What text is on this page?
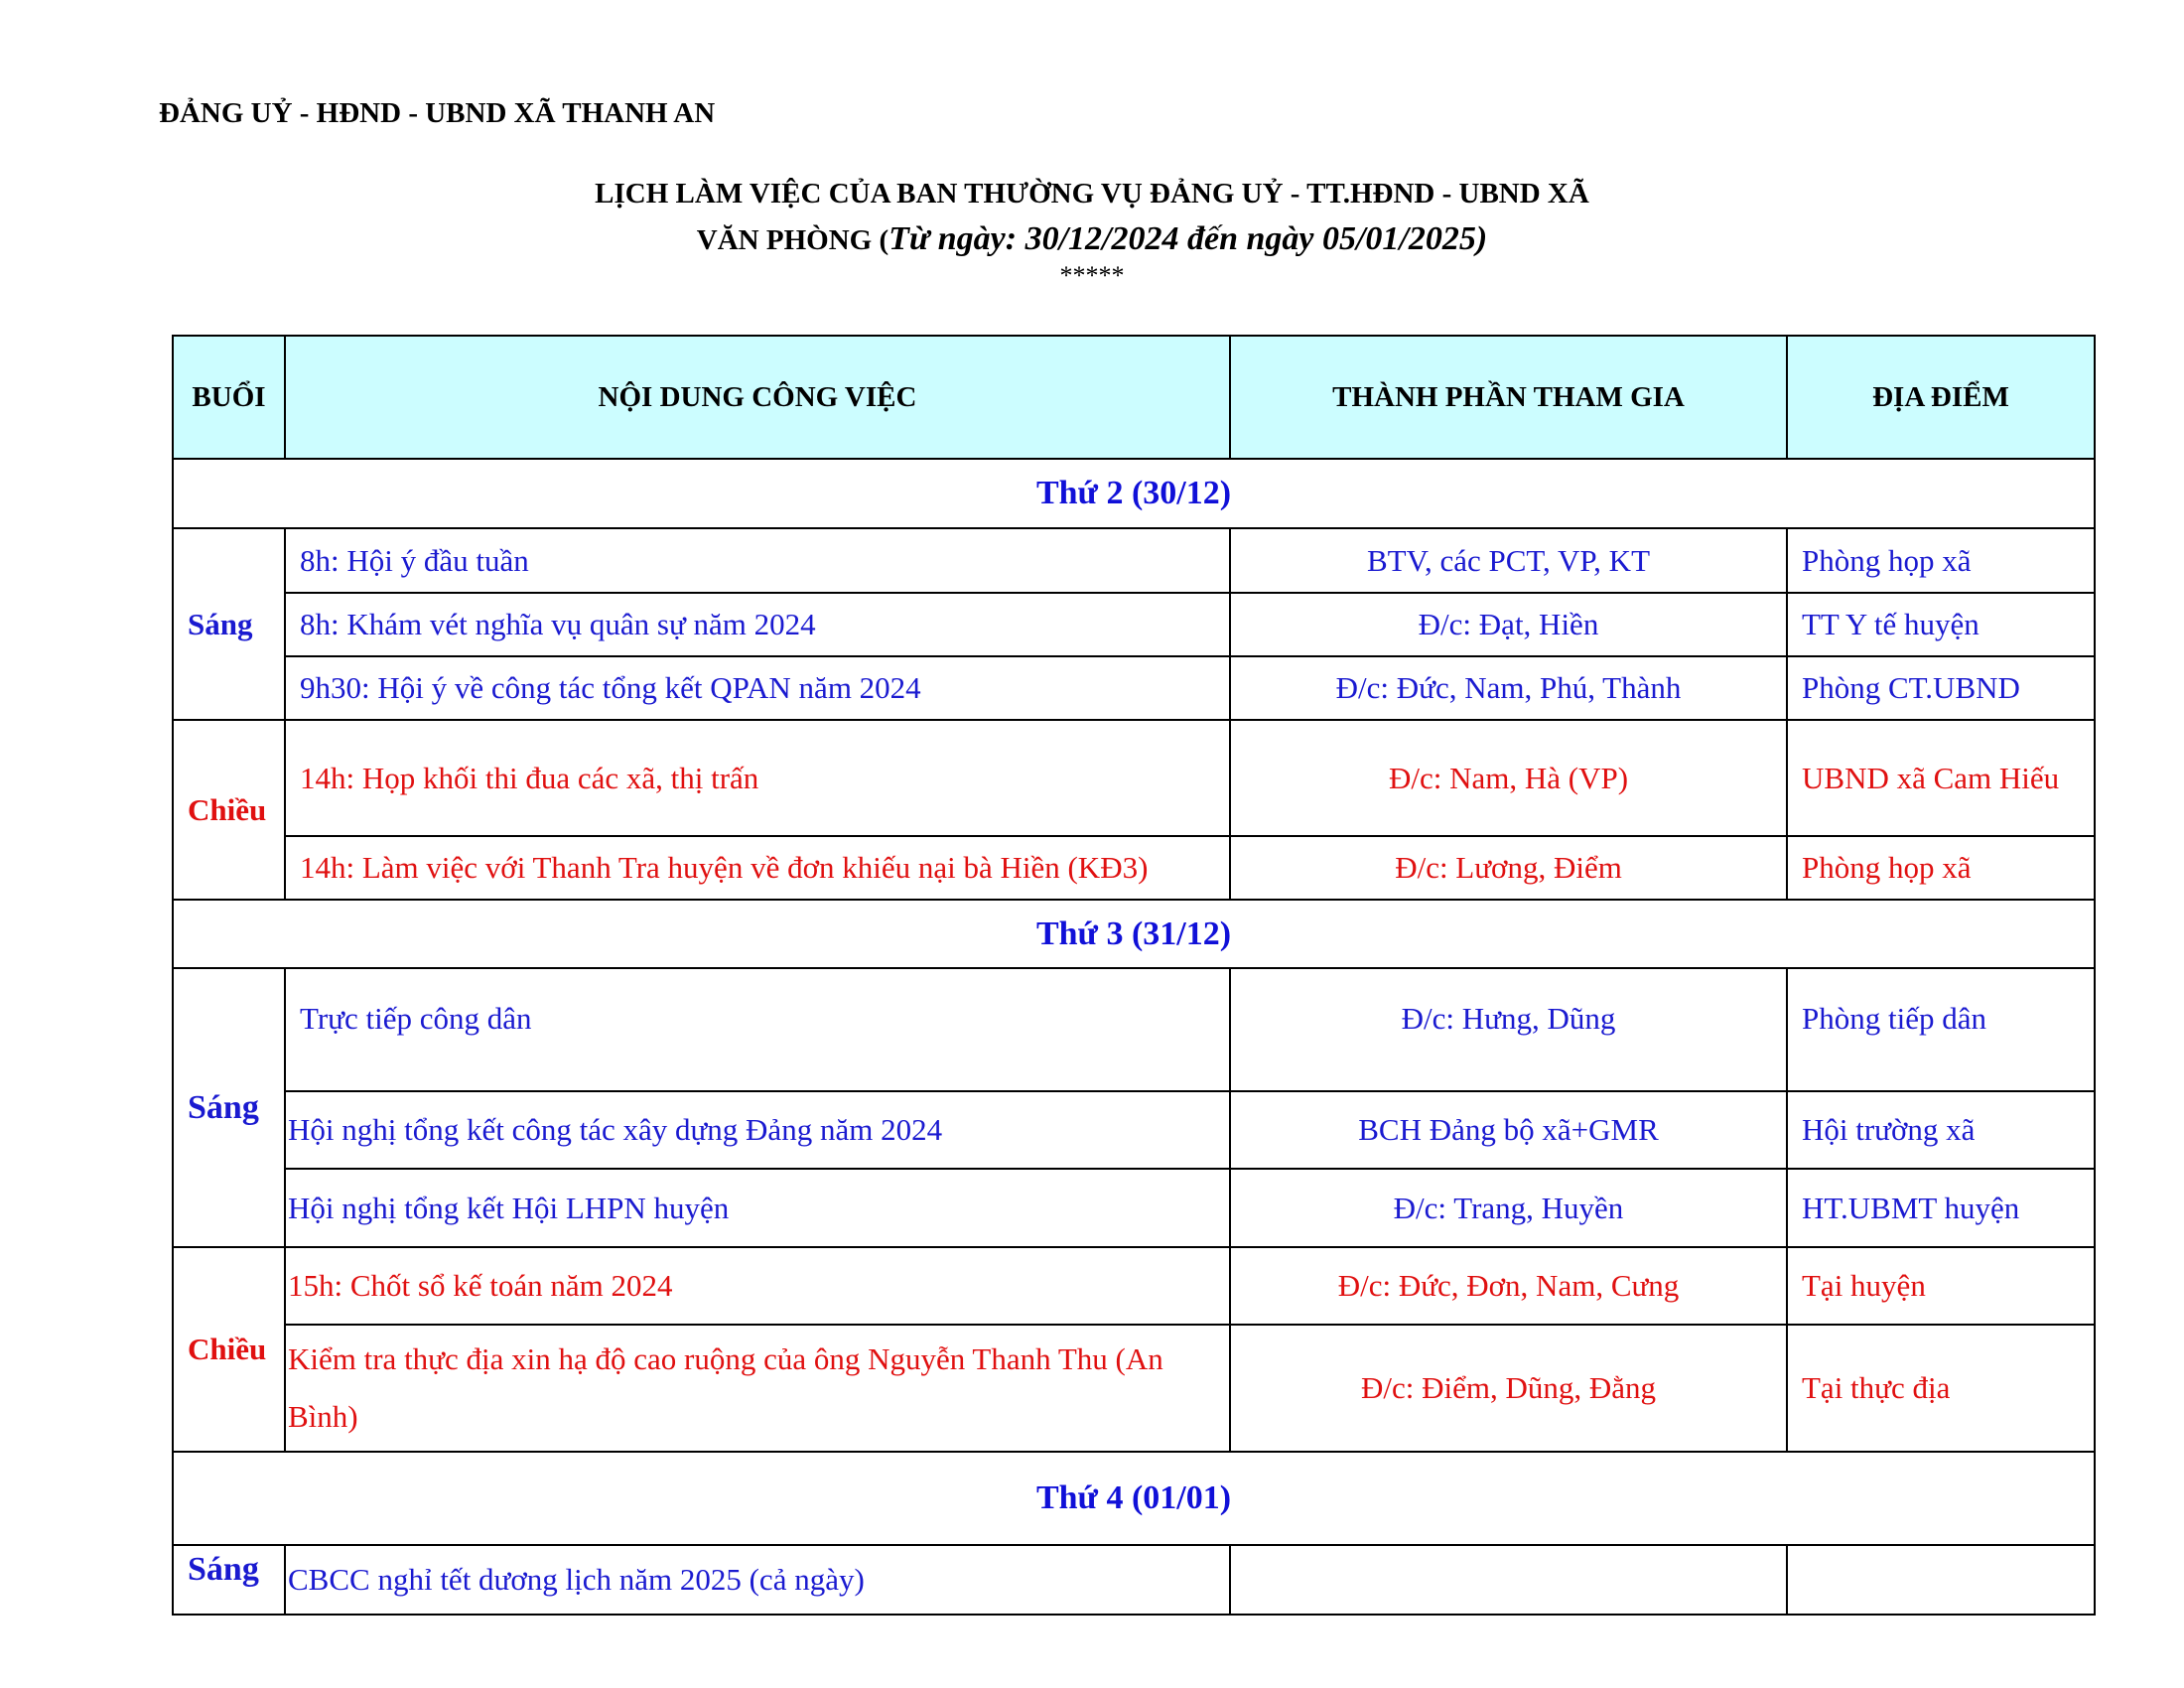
ĐẢNG UỶ - HĐND - UBND XÃ THANH AN
LỊCH LÀM VIỆC CỦA BAN THƯỜNG VỤ ĐẢNG UỶ - TT.HĐND - UBND XÃ
VĂN PHÒNG (Từ ngày: 30/12/2024 đến ngày 05/01/2025)
*****
BUỔI	NỘI DUNG CÔNG VIỆC	THÀNH PHẦN THAM GIA	ĐỊA ĐIỂM
Thứ 2 (30/12)			
Sáng	8h: Hội ý đầu tuần	BTV, các PCT, VP, KT	Phòng họp xã
	8h: Khám vét nghĩa vụ quân sự năm 2024	Đ/c: Đạt, Hiền	TT Y tế huyện
	9h30: Hội ý về công tác tổng kết QPAN năm 2024	Đ/c: Đức, Nam, Phú, Thành	Phòng CT.UBND
Chiều	14h: Họp khối thi đua các xã, thị trấn	Đ/c: Nam, Hà (VP)	UBND xã Cam Hiếu
	14h: Làm việc với Thanh Tra huyện về đơn khiếu nại bà Hiền (KĐ3)	Đ/c: Lương, Điểm	Phòng họp xã
Thứ 3 (31/12)			
Sáng	Trực tiếp công dân	Đ/c: Hưng, Dũng	Phòng tiếp dân
	Hội nghị tổng kết công tác xây dựng Đảng năm 2024	BCH Đảng bộ xã+GMR	Hội trường xã
	Hội nghị tổng kết Hội LHPN huyện	Đ/c: Trang, Huyền	HT.UBMT huyện
Chiều	15h: Chốt sổ kế toán năm 2024	Đ/c: Đức, Đơn, Nam, Cưng	Tại huyện
	Kiểm tra thực địa xin hạ độ cao ruộng của ông Nguyễn Thanh Thu (An Bình)	Đ/c: Điểm, Dũng, Đằng	Tại thực địa
Thứ 4 (01/01)			
Sáng	CBCC nghỉ tết dương lịch năm 2025 (cả ngày)		
